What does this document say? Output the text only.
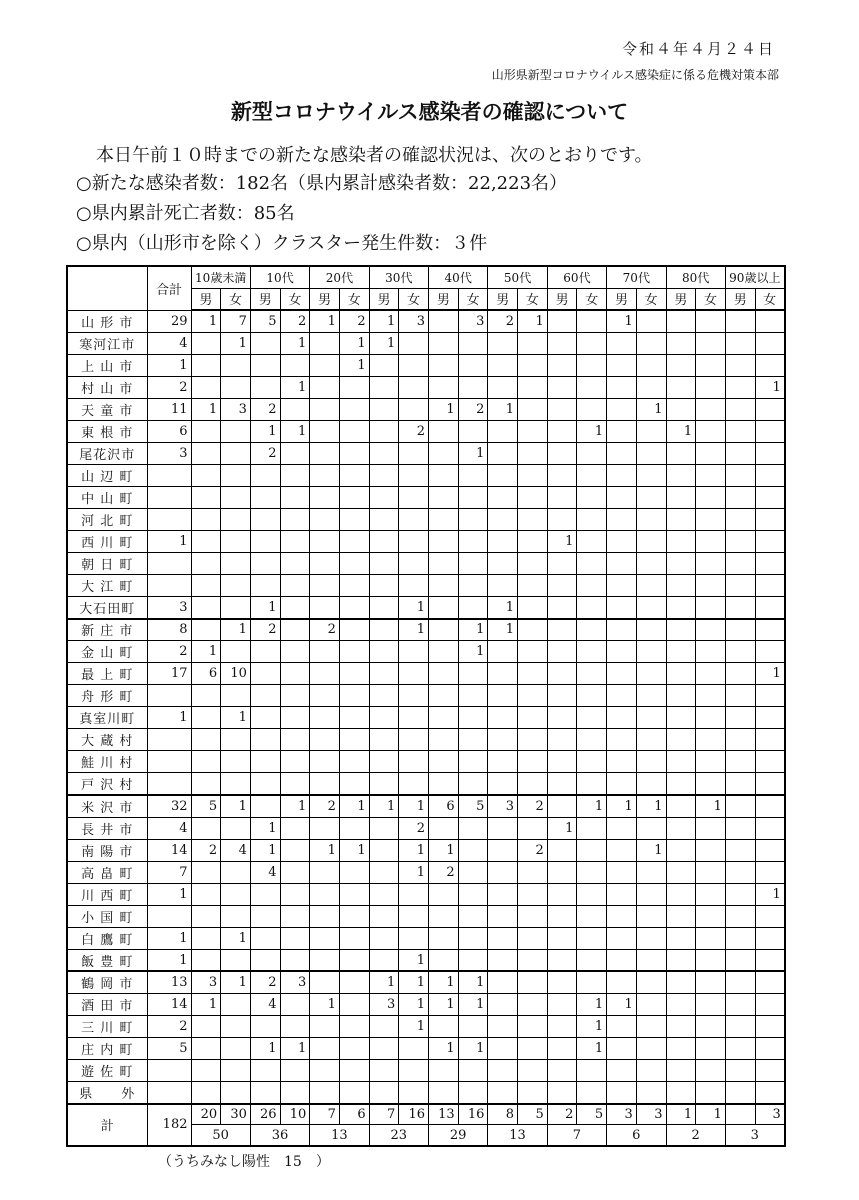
令和４年４月２４日
山形県新型コロナウイルス感染症に係る危機対策本部
新型コロナウイルス感染者の確認について
本日午前１０時までの新たな感染者の確認状況は、次のとおりです。
○新たな感染者数：182名（県内累計感染者数：22,223名）
○県内累計死亡者数：85名
○県内（山形市を除く）クラスター発生件数：３件
	合計	10歳未満		10代		20代		30代		40代		50代		60代		70代		80代		90歳以上	
		男	女	男	女	男	女	男	女	男	女	男	女	男	女	男	女	男	女	男	女
山 形 市	29	1	7	5	2	1	2	1	3		3	2	1			1					
寒河江市	4		1		1		1	1													
上 山 市	1						1														
村 山 市	2				1																1
天 童 市	11	1	3	2						1	2	1					1				
東 根 市	6			1	1				2						1			1			
尾花沢市	3			2							1										
山 辺 町																					
中 山 町																					
河 北 町																					
西 川 町	1													1							
朝 日 町																					
大 江 町																					
大石田町	3			1					1			1									
新 庄 市	8		1	2		2			1		1	1									
金 山 町	2	1									1										
最 上 町	17	6	10																		1
舟 形 町																					
真室川町	1		1																		
大 蔵 村																					
鮭 川 村																					
戸 沢 村																					
米 沢 市	32	5	1		1	2	1	1	1	6	5	3	2		1	1	1		1		
長 井 市	4			1					2					1							
南 陽 市	14	2	4	1		1	1		1	1			2				1				
高 畠 町	7			4					1	2											
川 西 町	1																				1
小 国 町																					
白 鷹 町	1		1																		
飯 豊 町	1								1												
鶴 岡 市	13	3	1	2	3			1	1	1	1										
酒 田 市	14	1		4		1		3	1	1	1				1	1					
三 川 町	2								1						1						
庄 内 町	5			1	1					1	1				1						
遊 佐 町																					
県　　外																					
計	182	20	30	26	10	7	6	7	16	13	16	8	5	2	5	3	3	1	1		3
		50		36		13		23		29		13		7		6		2		3	
（うちみなし陽性　15　）
